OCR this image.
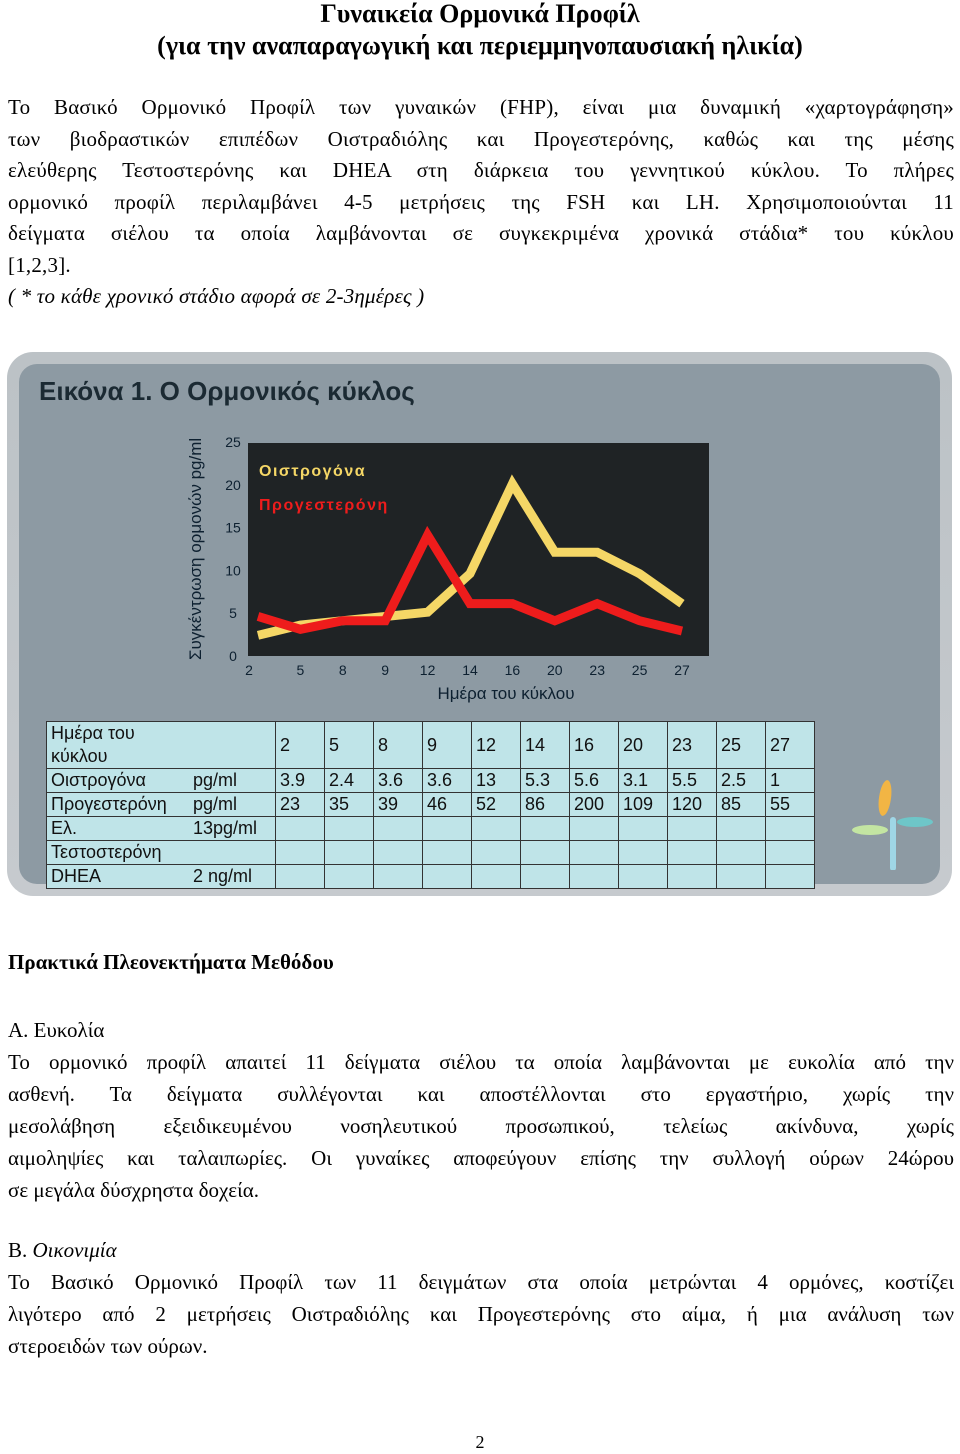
Γυναικεία Ορμονικά Προφίλ
(για την αναπαραγωγική και περιεμμηνοπαυσιακή ηλικία)
Το Βασικό Ορμονικό Προφίλ των γυναικών (FHP), είναι μια δυναμική «χαρτογράφηση»
των βιοδραστικών επιπέδων Οιστραδιόλης και Προγεστερόνης, καθώς και της μέσης
ελεύθερης Τεστοστερόνης και DHEA στη διάρκεια του γεννητικού κύκλου. Το πλήρες
ορμονικό προφίλ περιλαμβάνει 4-5 μετρήσεις της FSH και LH. Χρησιμοποιούνται 11
δείγματα σιέλου τα οποία λαμβάνονται σε συγκεκριμένα χρονικά στάδια* του κύκλου
[1,2,3].
( * το κάθε χρονικό στάδιο αφορά σε 2-3ημέρες )
Εικόνα 1. Ο Ορμονικός κύκλος
0
5
10
15
20
25
2	5 8 9 12 14 16 20 23 25 27
Οιστρογόνα
Προγεστερόνη
Ημέρα του κύκλου
Συγκέντρωση ορμονών pg/ml
Ημέρα του κύκλου		2	5	8	9	12	14	16	20	23	25	27
Οιστρογόνα	pg/ml	3.9	2.4	3.6	3.6	13	5.3	5.6	3.1	5.5	2.5	1
Προγεστερόνη	pg/ml	23	35	39	46	52	86	200	109	120	85	55
Ελ.	13pg/ml											
Τεστοστερόνη												
DHEA	2 ng/ml											
Πρακτικά Πλεονεκτήματα Μεθόδου
Α. Ευκολία
Το ορμονικό προφίλ απαιτεί 11 δείγματα σιέλου τα οποία λαμβάνονται με ευκολία από την
ασθενή. Τα δείγματα συλλέγονται και αποστέλλονται στο εργαστήριο, χωρίς την
μεσολάβηση εξειδικευμένου νοσηλευτικού προσωπικού, τελείως ακίνδυνα, χωρίς
αιμοληψίες και ταλαιπωρίες. Οι γυναίκες αποφεύγουν επίσης την συλλογή ούρων 24ώρου
σε μεγάλα δύσχρηστα δοχεία.
Β. Οικονιμία
Το Βασικό Ορμονικό Προφίλ των 11 δειγμάτων στα οποία μετρώνται 4 ορμόνες, κοστίζει
λιγότερο από 2 μετρήσεις Οιστραδιόλης και Προγεστερόνης στο αίμα, ή μια ανάλυση των
στεροειδών των ούρων.
2
